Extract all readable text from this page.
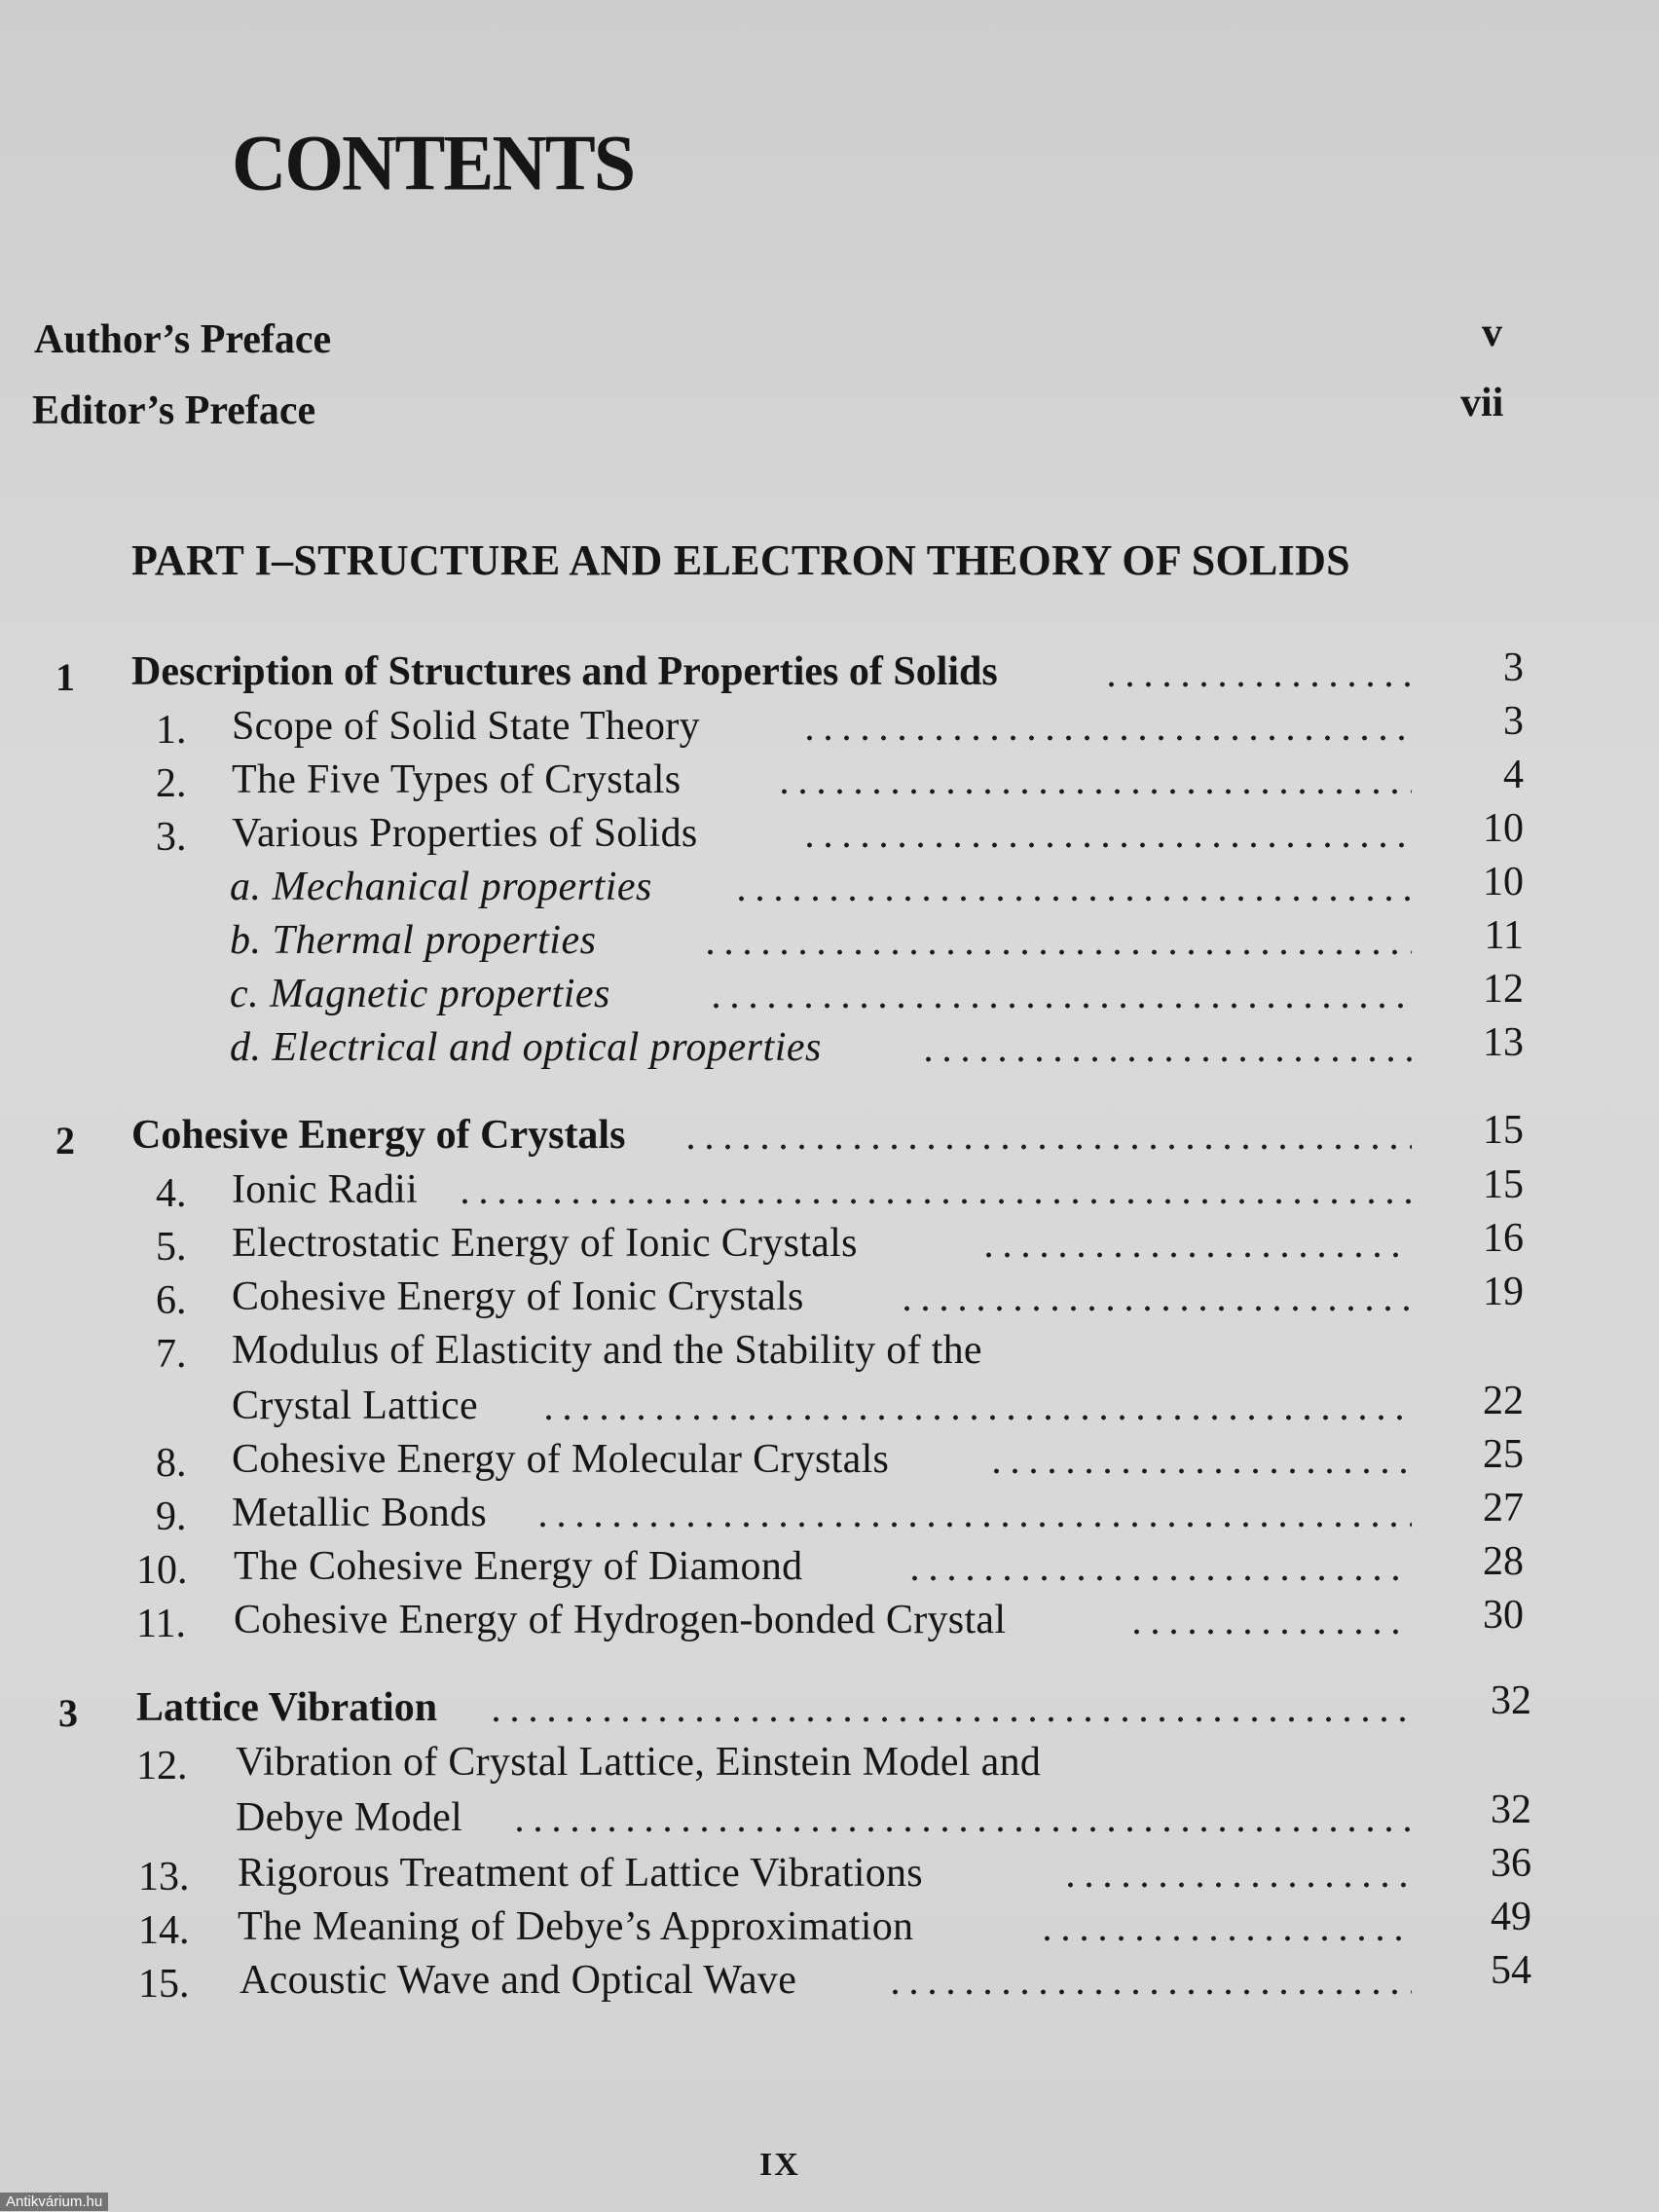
CONTENTS
Author’s Preface	v
Editor’s Preface	vii
PART I–STRUCTURE AND ELECTRON THEORY OF SOLIDS
1 Description of Structures and Properties of Solids	3
1. Scope of Solid State Theory	3
2. The Five Types of Crystals	4
3. Various Properties of Solids	10
a. Mechanical properties	10
b. Thermal properties	11
c. Magnetic properties	12
d. Electrical and optical properties	13
2 Cohesive Energy of Crystals	15
4. Ionic Radii	15
5. Electrostatic Energy of Ionic Crystals	16
6. Cohesive Energy of Ionic Crystals	19
7. Modulus of Elasticity and the Stability of the
Crystal Lattice	22
8. Cohesive Energy of Molecular Crystals	25
9. Metallic Bonds	27
10. The Cohesive Energy of Diamond	28
11. Cohesive Energy of Hydrogen-bonded Crystal	30
3 Lattice Vibration	32
12. Vibration of Crystal Lattice, Einstein Model and
Debye Model	32
13. Rigorous Treatment of Lattice Vibrations	36
14. The Meaning of Debye’s Approximation	49
15. Acoustic Wave and Optical Wave	54
IX
Antikvárium.hu
